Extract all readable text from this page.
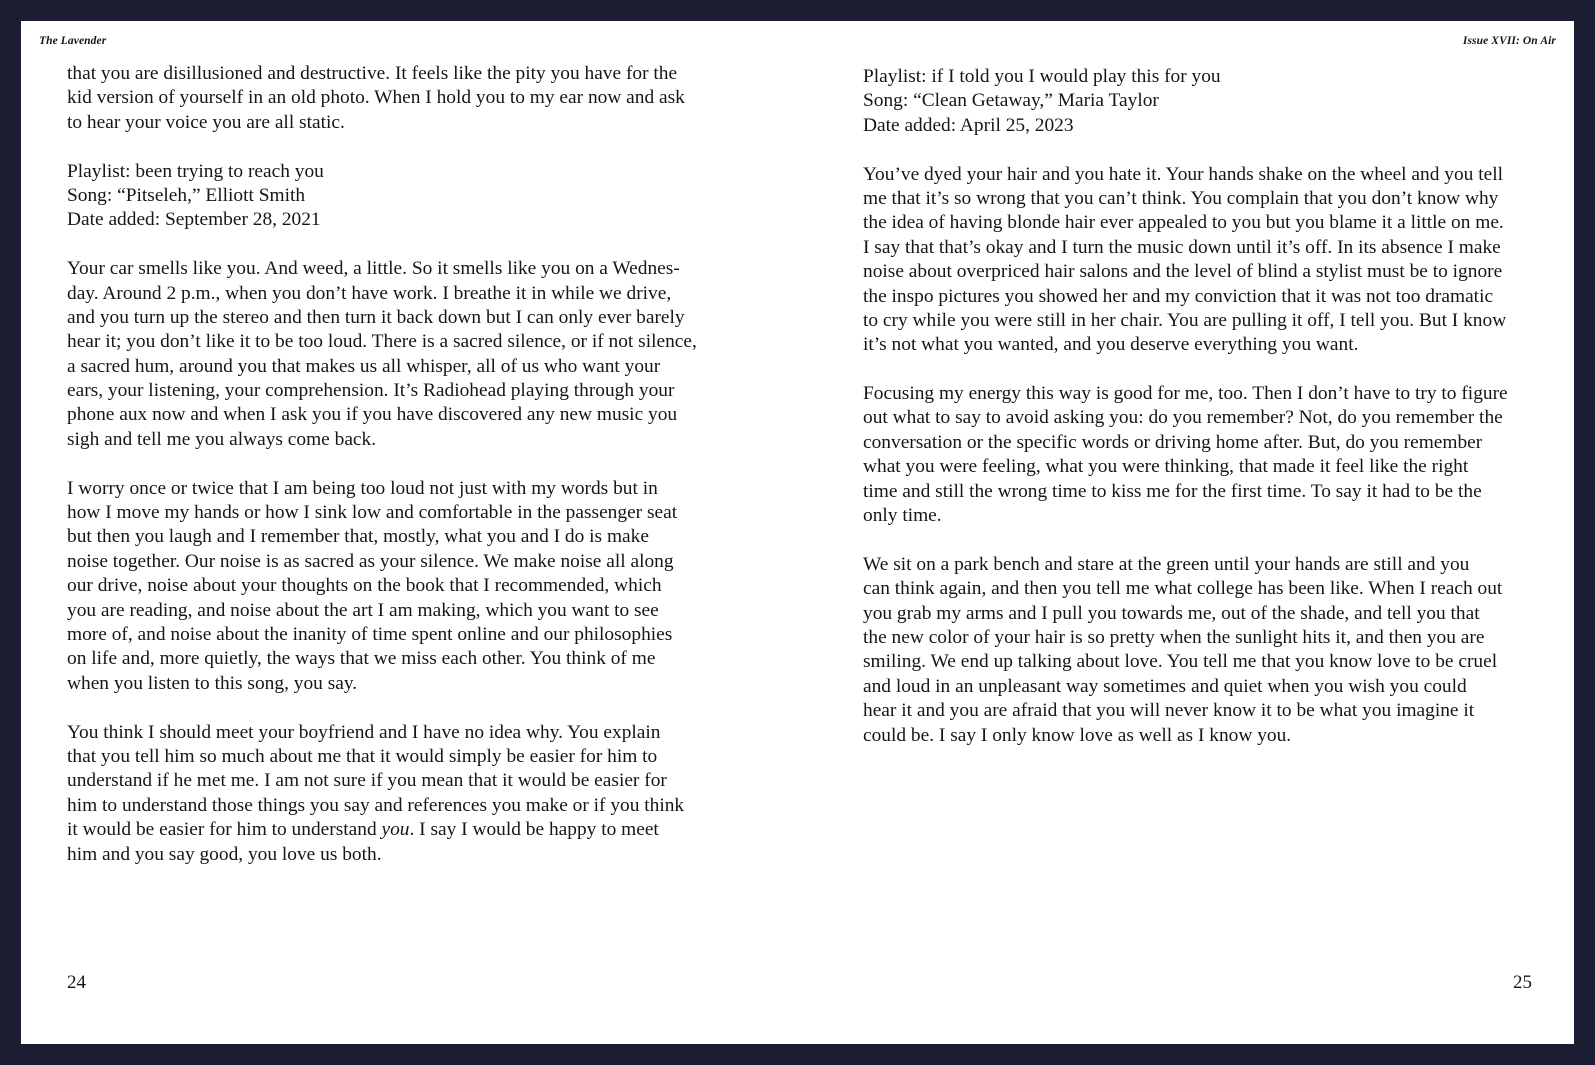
The Lavender	Issue XVII: On Air
that you are disillusioned and destructive. It feels like the pity you have for the
kid version of yourself in an old photo. When I hold you to my ear now and ask
to hear your voice you are all static.
Playlist: been trying to reach you
Song: “Pitseleh,” Elliott Smith
Date added: September 28, 2021
Your car smells like you. And weed, a little. So it smells like you on a Wednes-
day. Around 2 p.m., when you don’t have work. I breathe it in while we drive,
and you turn up the stereo and then turn it back down but I can only ever barely
hear it; you don’t like it to be too loud. There is a sacred silence, or if not silence,
a sacred hum, around you that makes us all whisper, all of us who want your
ears, your listening, your comprehension. It’s Radiohead playing through your
phone aux now and when I ask you if you have discovered any new music you
sigh and tell me you always come back.
I worry once or twice that I am being too loud not just with my words but in
how I move my hands or how I sink low and comfortable in the passenger seat
but then you laugh and I remember that, mostly, what you and I do is make
noise together. Our noise is as sacred as your silence. We make noise all along
our drive, noise about your thoughts on the book that I recommended, which
you are reading, and noise about the art I am making, which you want to see
more of, and noise about the inanity of time spent online and our philosophies
on life and, more quietly, the ways that we miss each other. You think of me
when you listen to this song, you say.
You think I should meet your boyfriend and I have no idea why. You explain
that you tell him so much about me that it would simply be easier for him to
understand if he met me. I am not sure if you mean that it would be easier for
him to understand those things you say and references you make or if you think
it would be easier for him to understand you. I say I would be happy to meet
him and you say good, you love us both.
Playlist: if I told you I would play this for you
Song: “Clean Getaway,” Maria Taylor
Date added: April 25, 2023
You’ve dyed your hair and you hate it. Your hands shake on the wheel and you tell
me that it’s so wrong that you can’t think. You complain that you don’t know why
the idea of having blonde hair ever appealed to you but you blame it a little on me.
I say that that’s okay and I turn the music down until it’s off. In its absence I make
noise about overpriced hair salons and the level of blind a stylist must be to ignore
the inspo pictures you showed her and my conviction that it was not too dramatic
to cry while you were still in her chair. You are pulling it off, I tell you. But I know
it’s not what you wanted, and you deserve everything you want.
Focusing my energy this way is good for me, too. Then I don’t have to try to figure
out what to say to avoid asking you: do you remember? Not, do you remember the
conversation or the specific words or driving home after. But, do you remember
what you were feeling, what you were thinking, that made it feel like the right
time and still the wrong time to kiss me for the first time. To say it had to be the
only time.
We sit on a park bench and stare at the green until your hands are still and you
can think again, and then you tell me what college has been like. When I reach out
you grab my arms and I pull you towards me, out of the shade, and tell you that
the new color of your hair is so pretty when the sunlight hits it, and then you are
smiling. We end up talking about love. You tell me that you know love to be cruel
and loud in an unpleasant way sometimes and quiet when you wish you could
hear it and you are afraid that you will never know it to be what you imagine it
could be. I say I only know love as well as I know you.
24	25
